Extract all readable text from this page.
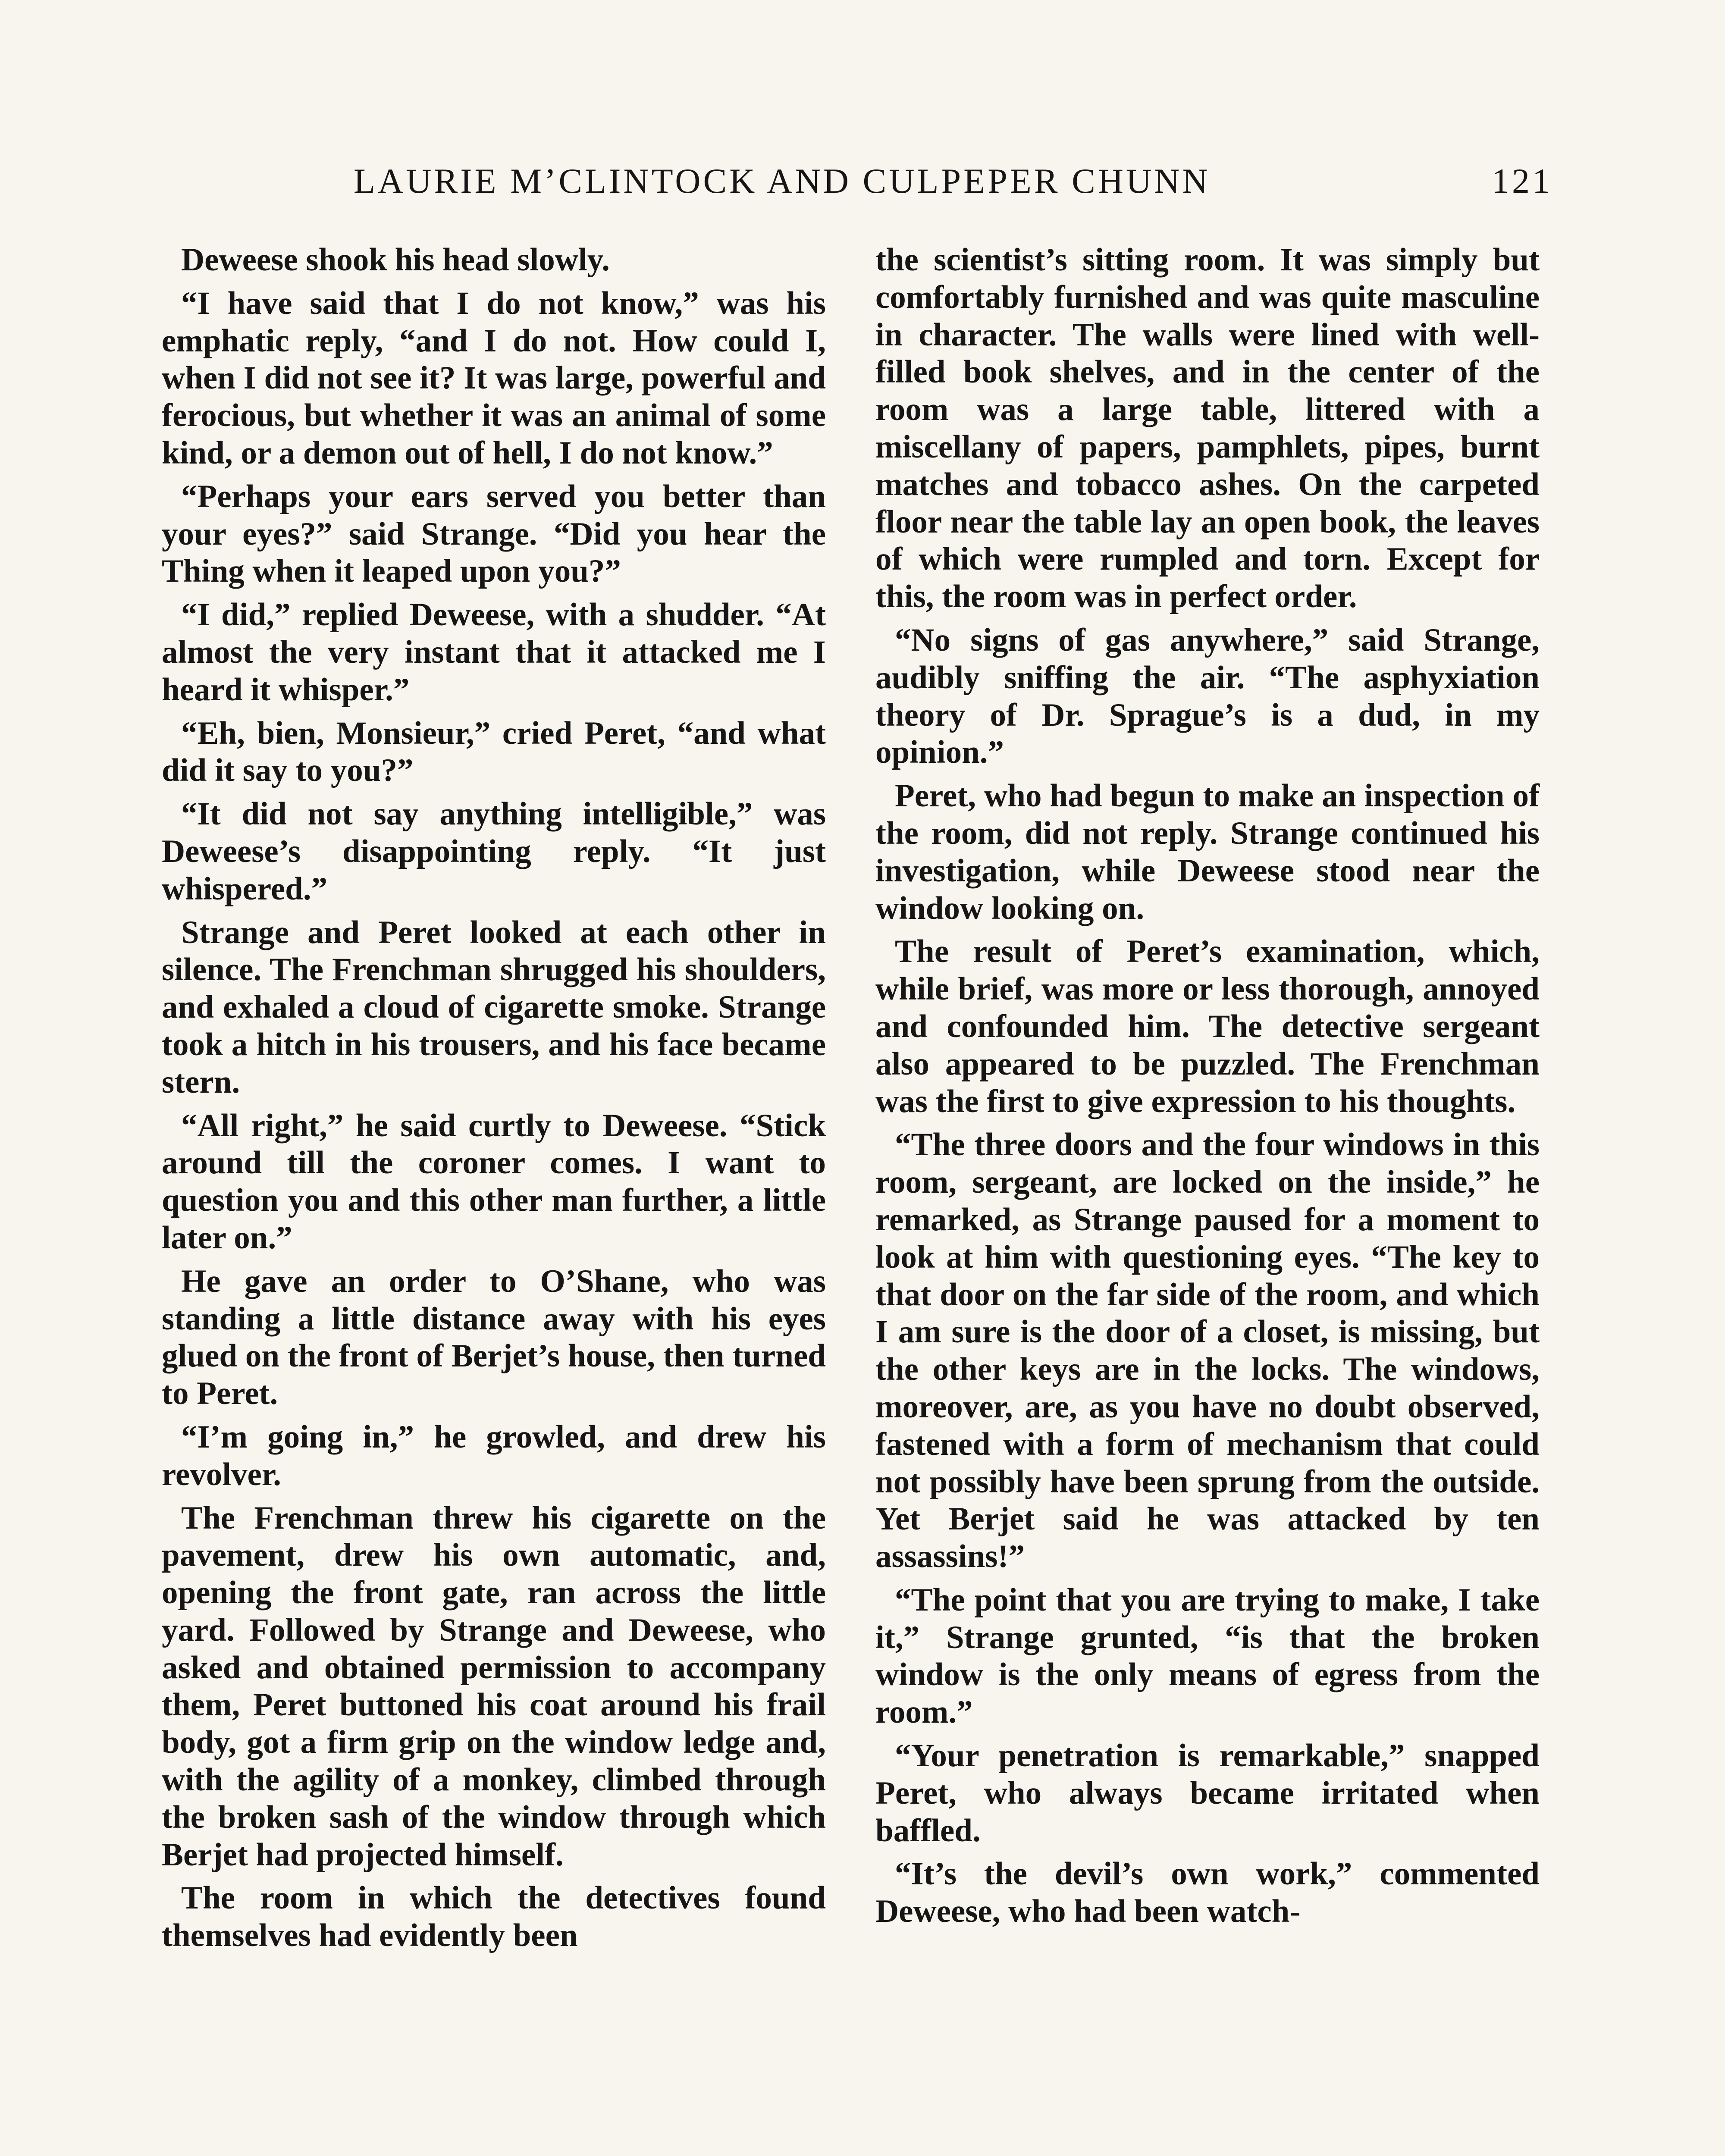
LAURIE M’CLINTOCK AND CULPEPER CHUNN	121

Deweese shook his head slowly.

“I have said that I do not know,” was his emphatic reply, “and I do not. How could I, when I did not see it? It was large, powerful and ferocious, but whether it was an animal of some kind, or a demon out of hell, I do not know.”

“Perhaps your ears served you better than your eyes?” said Strange. “Did you hear the Thing when it leaped upon you?”

“I did,” replied Deweese, with a shudder. “At almost the very instant that it attacked me I heard it whisper.”

“Eh, bien, Monsieur,” cried Peret, “and what did it say to you?”

“It did not say anything intelligible,” was Deweese’s disappointing reply. “It just whispered.”

Strange and Peret looked at each other in silence. The Frenchman shrugged his shoulders, and exhaled a cloud of cigarette smoke. Strange took a hitch in his trousers, and his face became stern.

“All right,” he said curtly to Deweese. “Stick around till the coroner comes. I want to question you and this other man further, a little later on.”

He gave an order to O’Shane, who was standing a little distance away with his eyes glued on the front of Berjet’s house, then turned to Peret.

“I’m going in,” he growled, and drew his revolver.

The Frenchman threw his cigarette on the pavement, drew his own automatic, and, opening the front gate, ran across the little yard. Followed by Strange and Deweese, who asked and obtained permission to accompany them, Peret buttoned his coat around his frail body, got a firm grip on the window ledge and, with the agility of a monkey, climbed through the broken sash of the window through which Berjet had projected himself.

The room in which the detectives found themselves had evidently been

the scientist’s sitting room. It was simply but comfortably furnished and was quite masculine in character. The walls were lined with well-filled book shelves, and in the center of the room was a large table, littered with a miscellany of papers, pamphlets, pipes, burnt matches and tobacco ashes. On the carpeted floor near the table lay an open book, the leaves of which were rumpled and torn. Except for this, the room was in perfect order.

“No signs of gas anywhere,” said Strange, audibly sniffing the air. “The asphyxiation theory of Dr. Sprague’s is a dud, in my opinion.”

Peret, who had begun to make an inspection of the room, did not reply. Strange continued his investigation, while Deweese stood near the window looking on.

The result of Peret’s examination, which, while brief, was more or less thorough, annoyed and confounded him. The detective sergeant also appeared to be puzzled. The Frenchman was the first to give expression to his thoughts.

“The three doors and the four windows in this room, sergeant, are locked on the inside,” he remarked, as Strange paused for a moment to look at him with questioning eyes. “The key to that door on the far side of the room, and which I am sure is the door of a closet, is missing, but the other keys are in the locks. The windows, moreover, are, as you have no doubt observed, fastened with a form of mechanism that could not possibly have been sprung from the outside. Yet Berjet said he was attacked by ten assassins!”

“The point that you are trying to make, I take it,” Strange grunted, “is that the broken window is the only means of egress from the room.”

“Your penetration is remarkable,” snapped Peret, who always became irritated when baffled.

“It’s the devil’s own work,” commented Deweese, who had been watch-
